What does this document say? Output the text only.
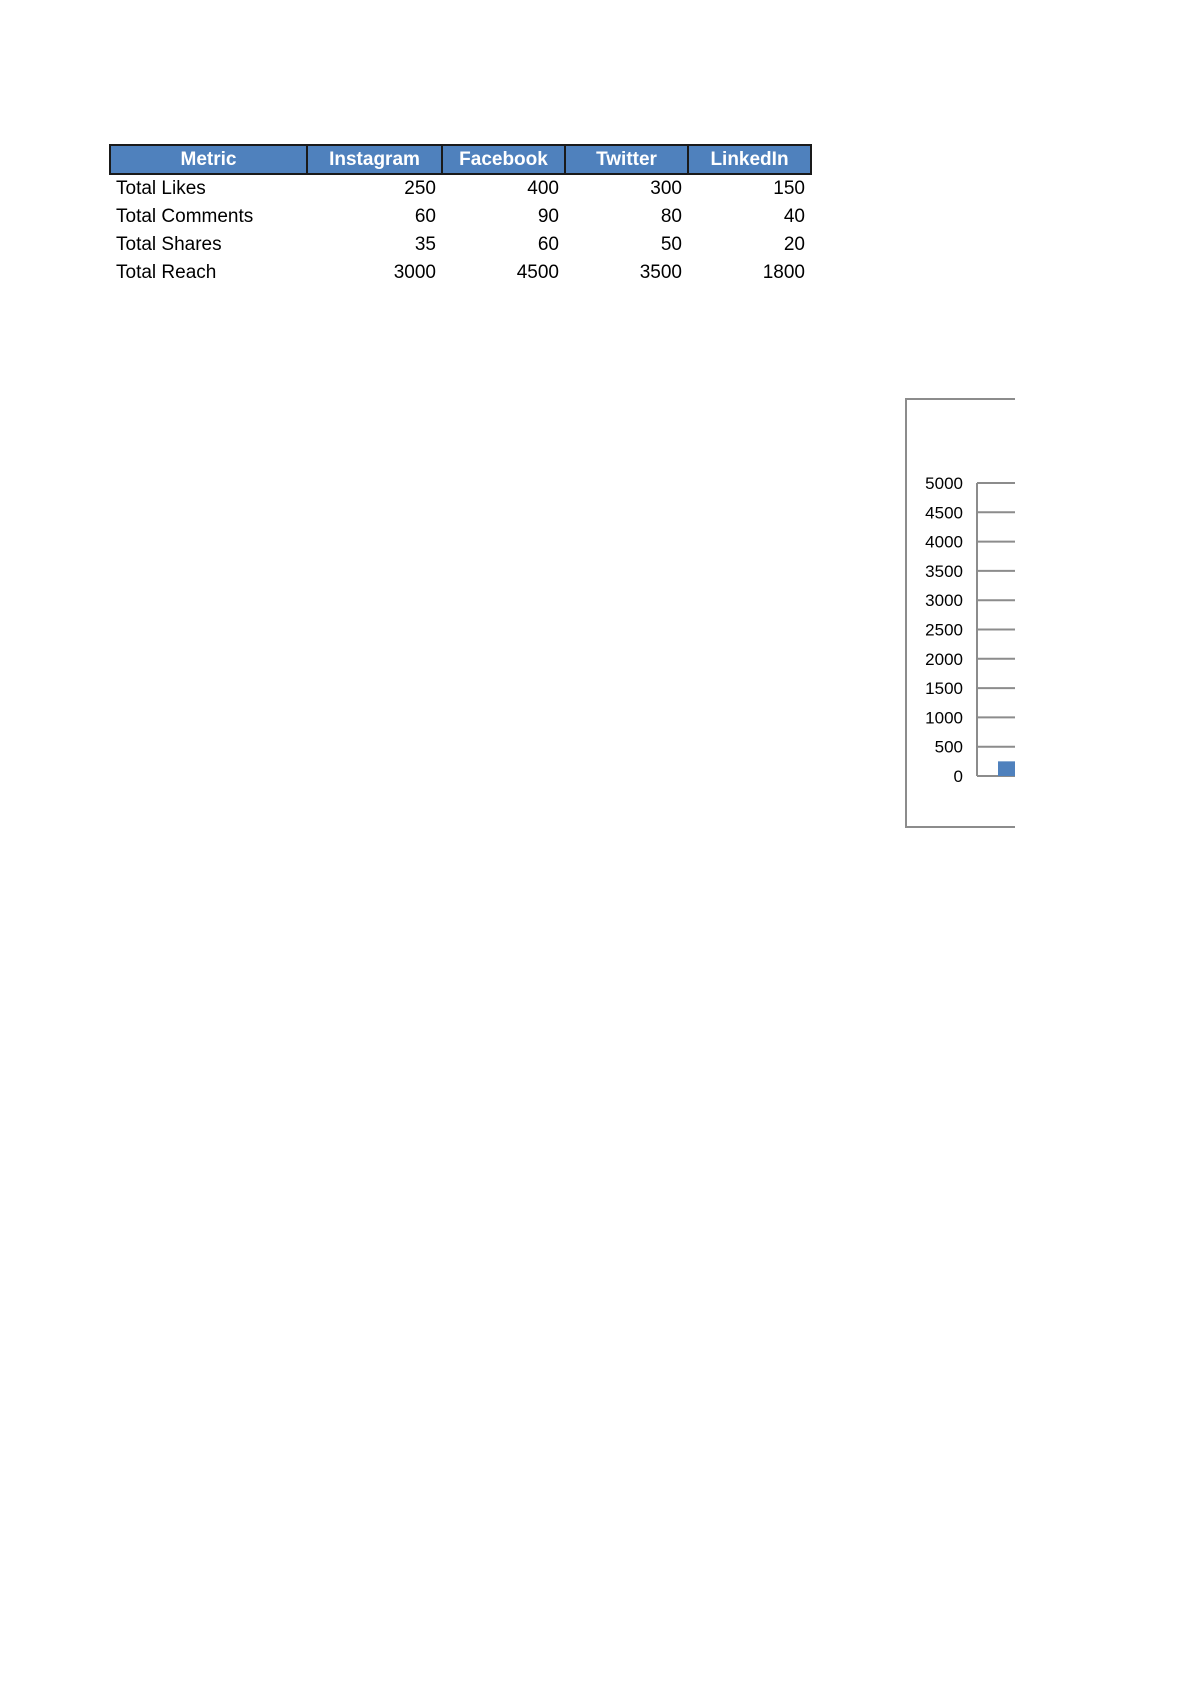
Metric	Instagram	Facebook	Twitter	LinkedIn
Total Likes	250	400	300	150
Total Comments	60	90	80	40
Total Shares	35	60	50	20
Total Reach	3000	4500	3500	1800
5000
4500
4000
3500
3000
2500
2000
1500
1000
500
0
